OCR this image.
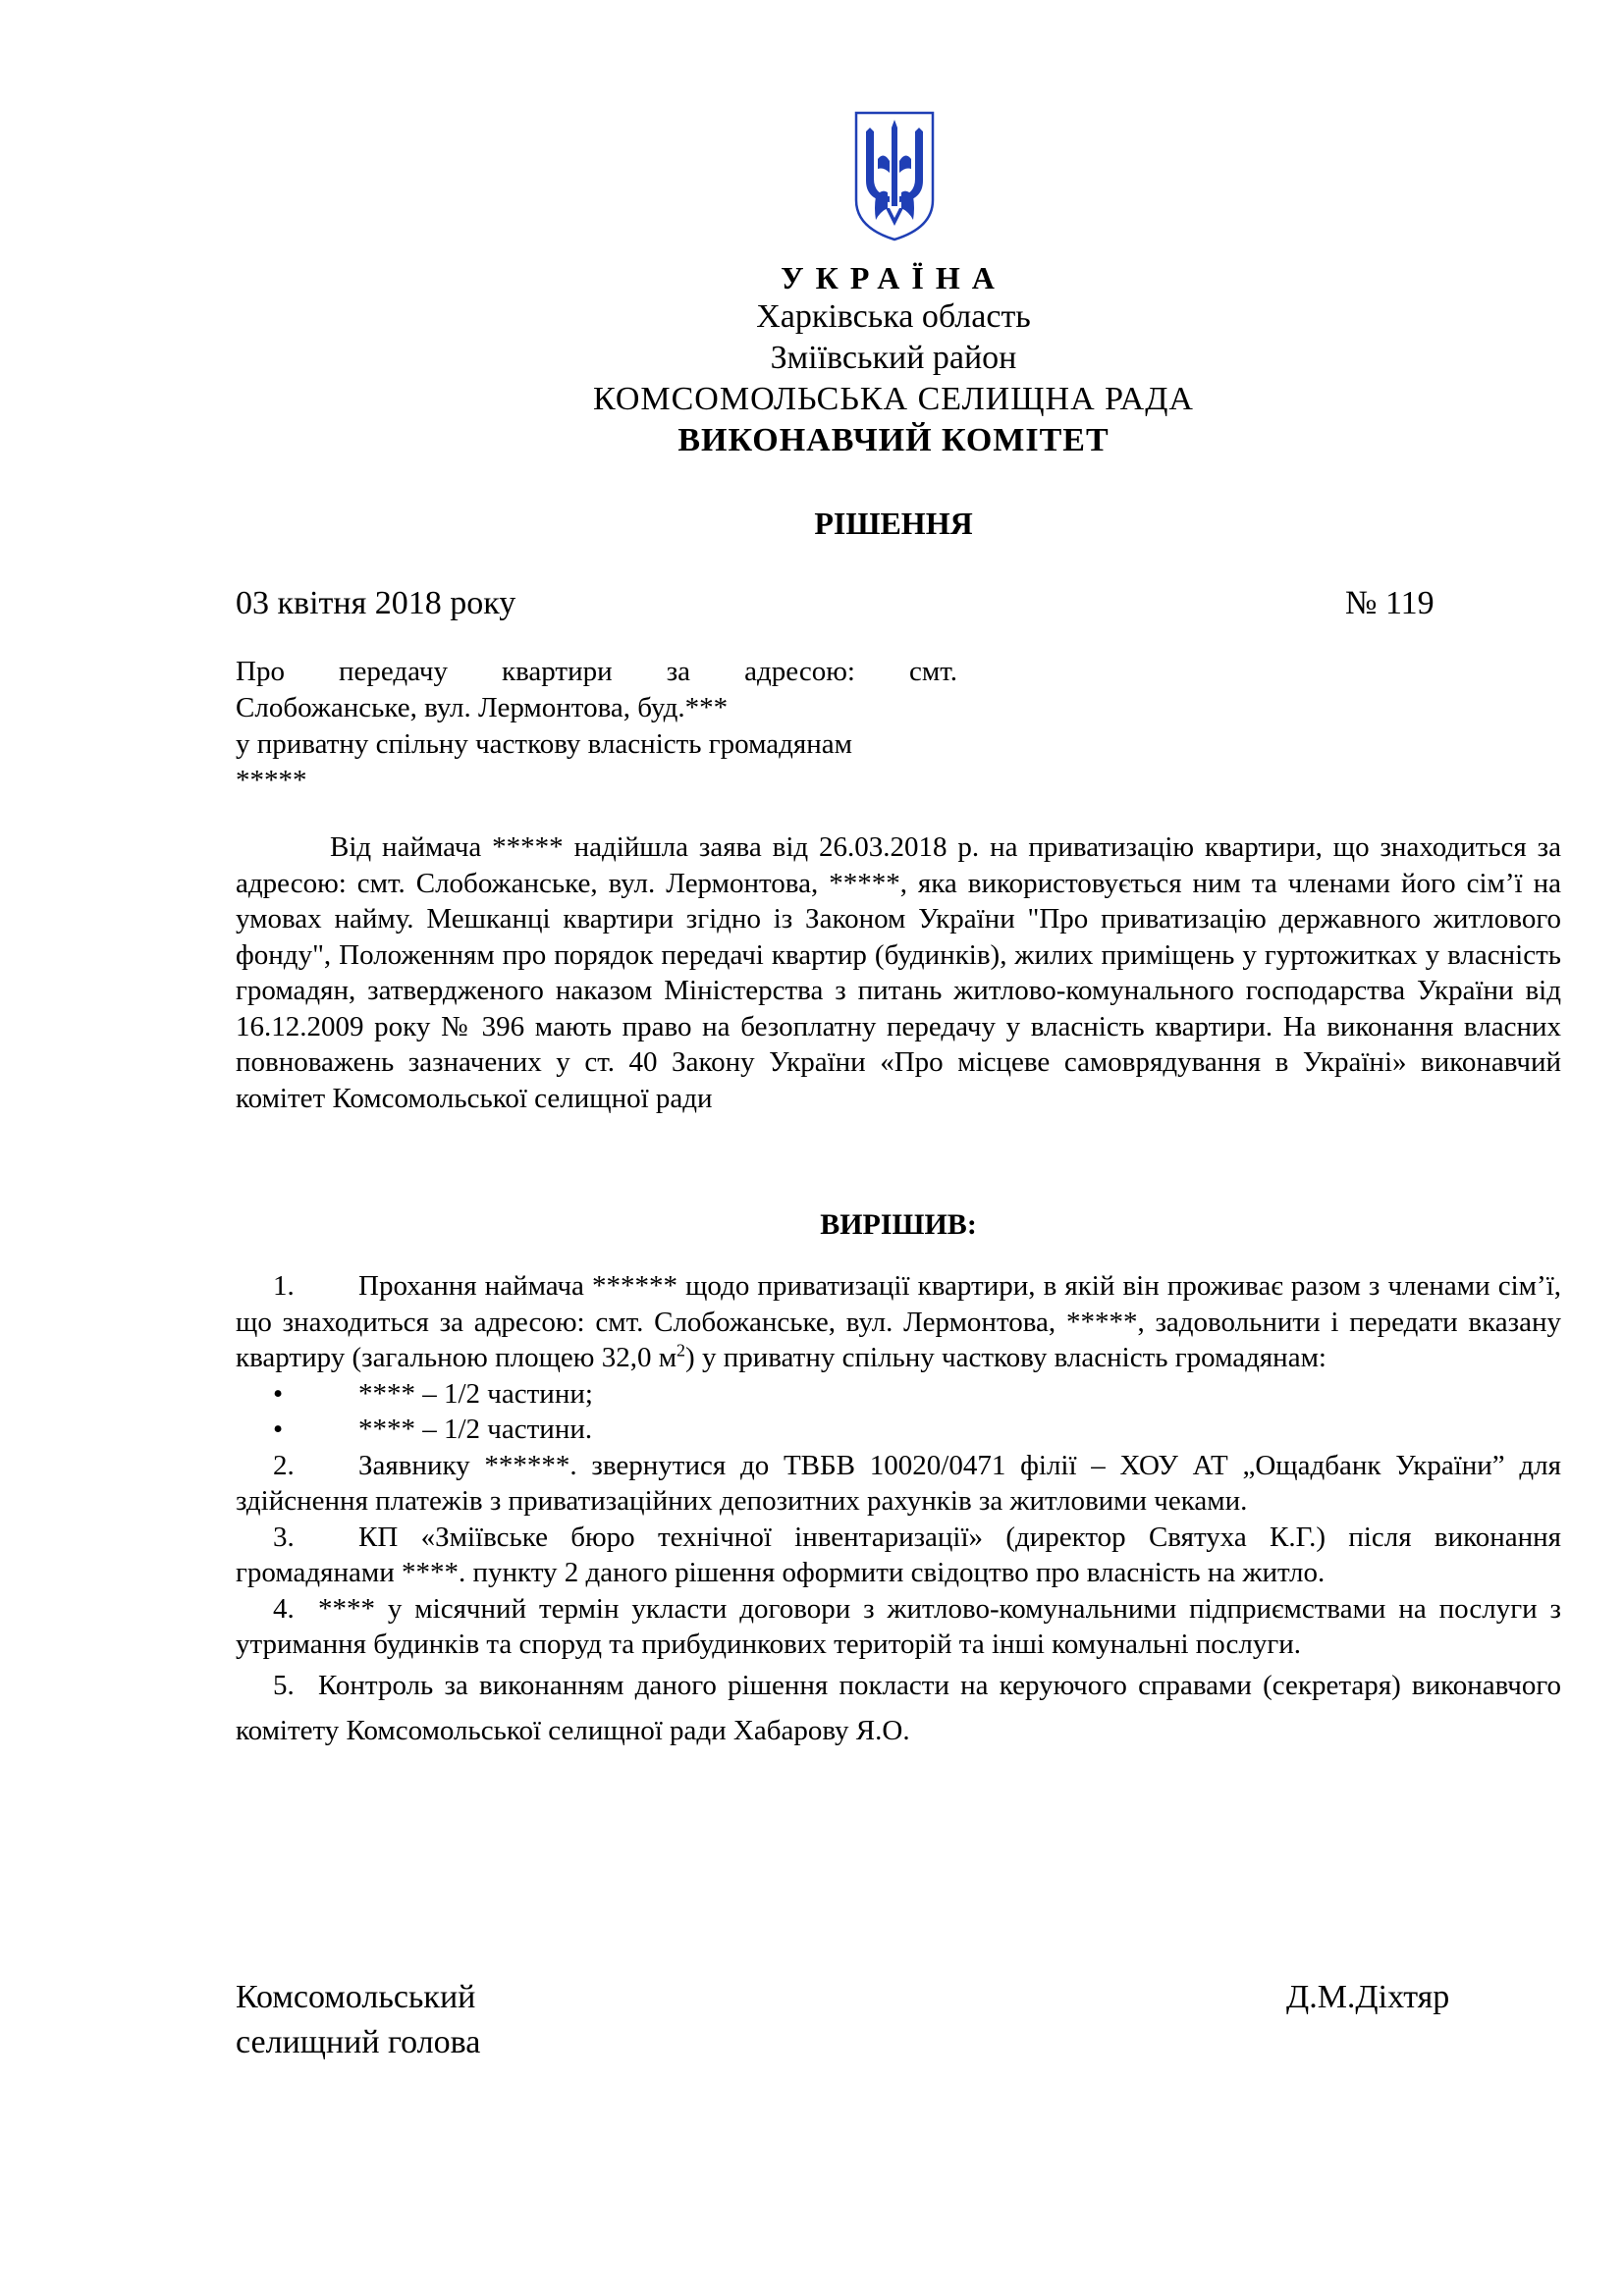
УКРАЇНА
Харківська область
Зміївський район
КОМСОМОЛЬСЬКА СЕЛИЩНА РАДА
ВИКОНАВЧИЙ КОМІТЕТ
РІШЕННЯ
03 квітня 2018 року	№ 119

Про передачу квартири за адресою: смт.

Слобожанське, вул. Лермонтова, буд.***

у приватну спільну часткову власність громадянам

*****

Від наймача ***** надійшла заява від 26.03.2018 р. на приватизацію квартири, що знаходиться за адресою: смт. Слобожанське, вул. Лермонтова, *****, яка використовується ним та членами його сім’ї на умовах найму. Мешканці квартири згідно із Законом України "Про приватизацію державного житлового фонду", Положенням про порядок передачі квартир (будинків), жилих приміщень у гуртожитках у власність громадян, затвердженого наказом Міністерства з питань житлово-комунального господарства України від 16.12.2009 року № 396 мають право на безоплатну передачу у власність квартири. На виконання власних повноважень зазначених у ст. 40 Закону України «Про місцеве самоврядування в Україні» виконавчий комітет Комсомольської селищної ради
ВИРІШИВ:

1. Прохання наймача ****** щодо приватизації квартири, в якій він проживає разом з членами сім’ї, що знаходиться за адресою: смт. Слобожанське, вул. Лермонтова, *****, задовольнити і передати вказану квартиру (загальною площею 32,0 $м^2$) у приватну спільну часткову власність громадянам:

•	**** – 1/2 частини;

•	**** – 1/2 частини.

2. Заявнику ******. звернутися до ТВБВ 10020/0471 філії – ХОУ АТ „Ощадбанк України” для здійснення платежів з приватизаційних депозитних рахунків за житловими чеками.

3. КП «Зміївське бюро технічної інвентаризації» (директор Святуха К.Г.) після виконання громадянами ****. пункту 2 даного рішення оформити свідоцтво про власність на житло.

4. **** у місячний термін укласти договори з житлово-комунальними підприємствами на послуги з утримання будинків та споруд та прибудинкових територій та інші комунальні послуги.

5. Контроль за виконанням даного рішення покласти на керуючого справами (секретаря) виконавчого комітету Комсомольської селищної ради Хабарову Я.О.

Комсомольський

селищний голова

Д.М.Діхтяр
